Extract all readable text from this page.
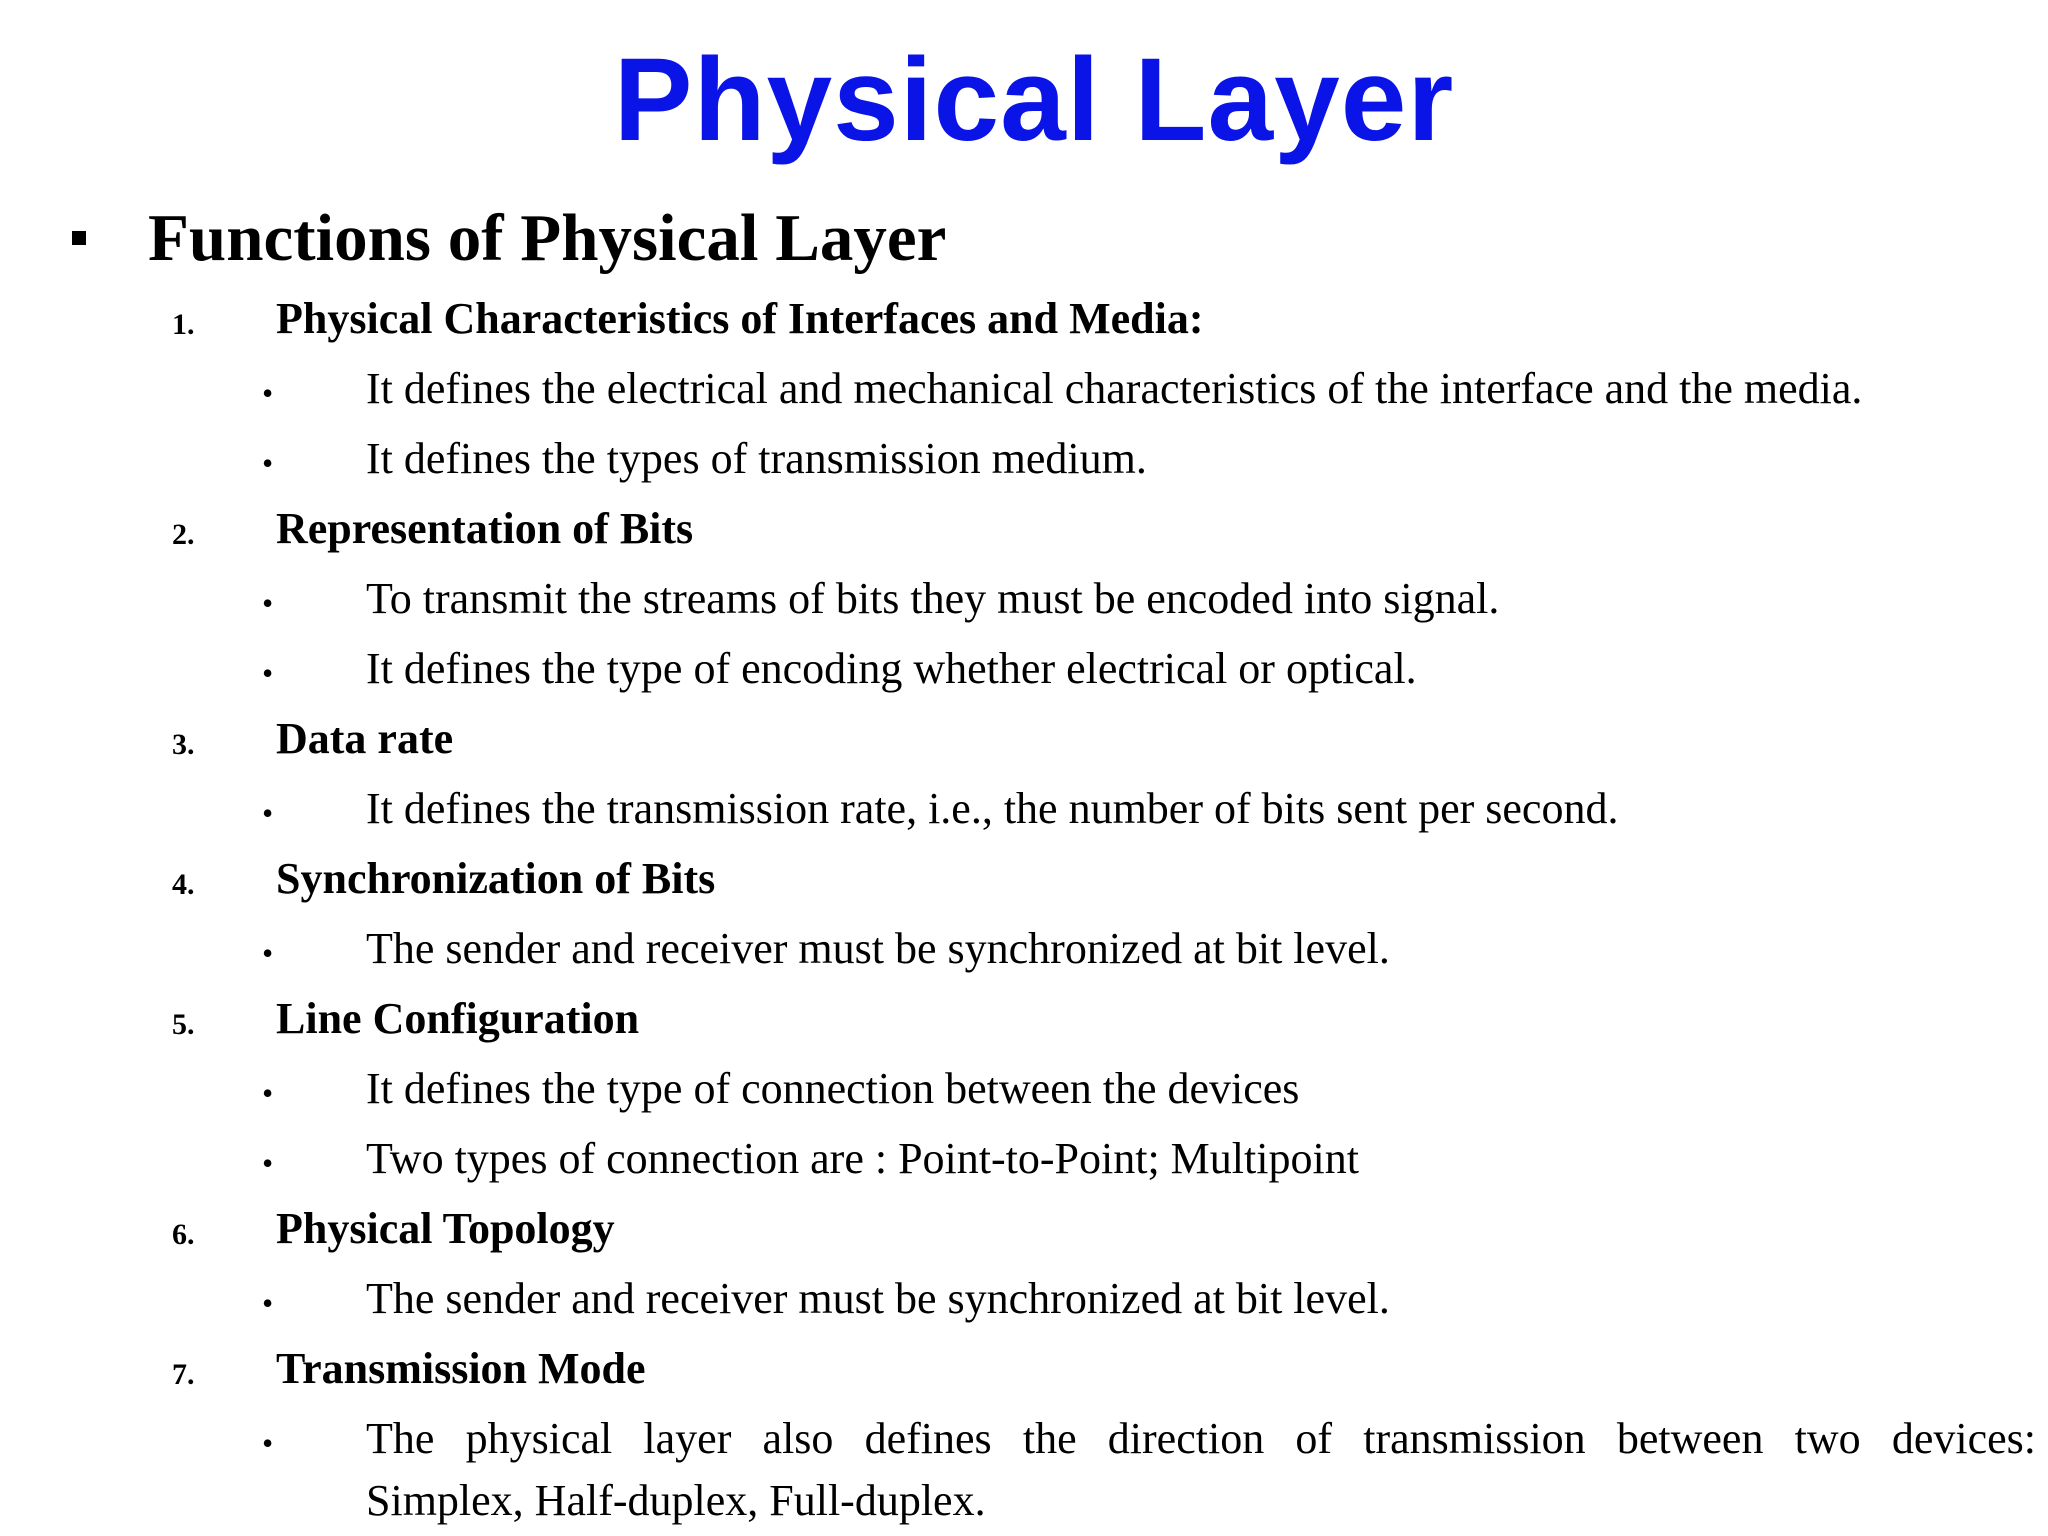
Physical Layer
Functions of Physical Layer
1. Physical Characteristics of Interfaces and Media:
• It defines the electrical and mechanical characteristics of the interface and the media.
• It defines the types of transmission medium.
2. Representation of Bits
• To transmit the streams of bits they must be encoded into signal.
• It defines the type of encoding whether electrical or optical.
3. Data rate
• It defines the transmission rate, i.e., the number of bits sent per second.
4. Synchronization of Bits
• The sender and receiver must be synchronized at bit level.
5. Line Configuration
• It defines the type of connection between the devices
• Two types of connection are : Point-to-Point; Multipoint
6. Physical Topology
• The sender and receiver must be synchronized at bit level.
7. Transmission Mode
• The physical layer also defines the direction of transmission between two devices:
Simplex, Half-duplex, Full-duplex.
